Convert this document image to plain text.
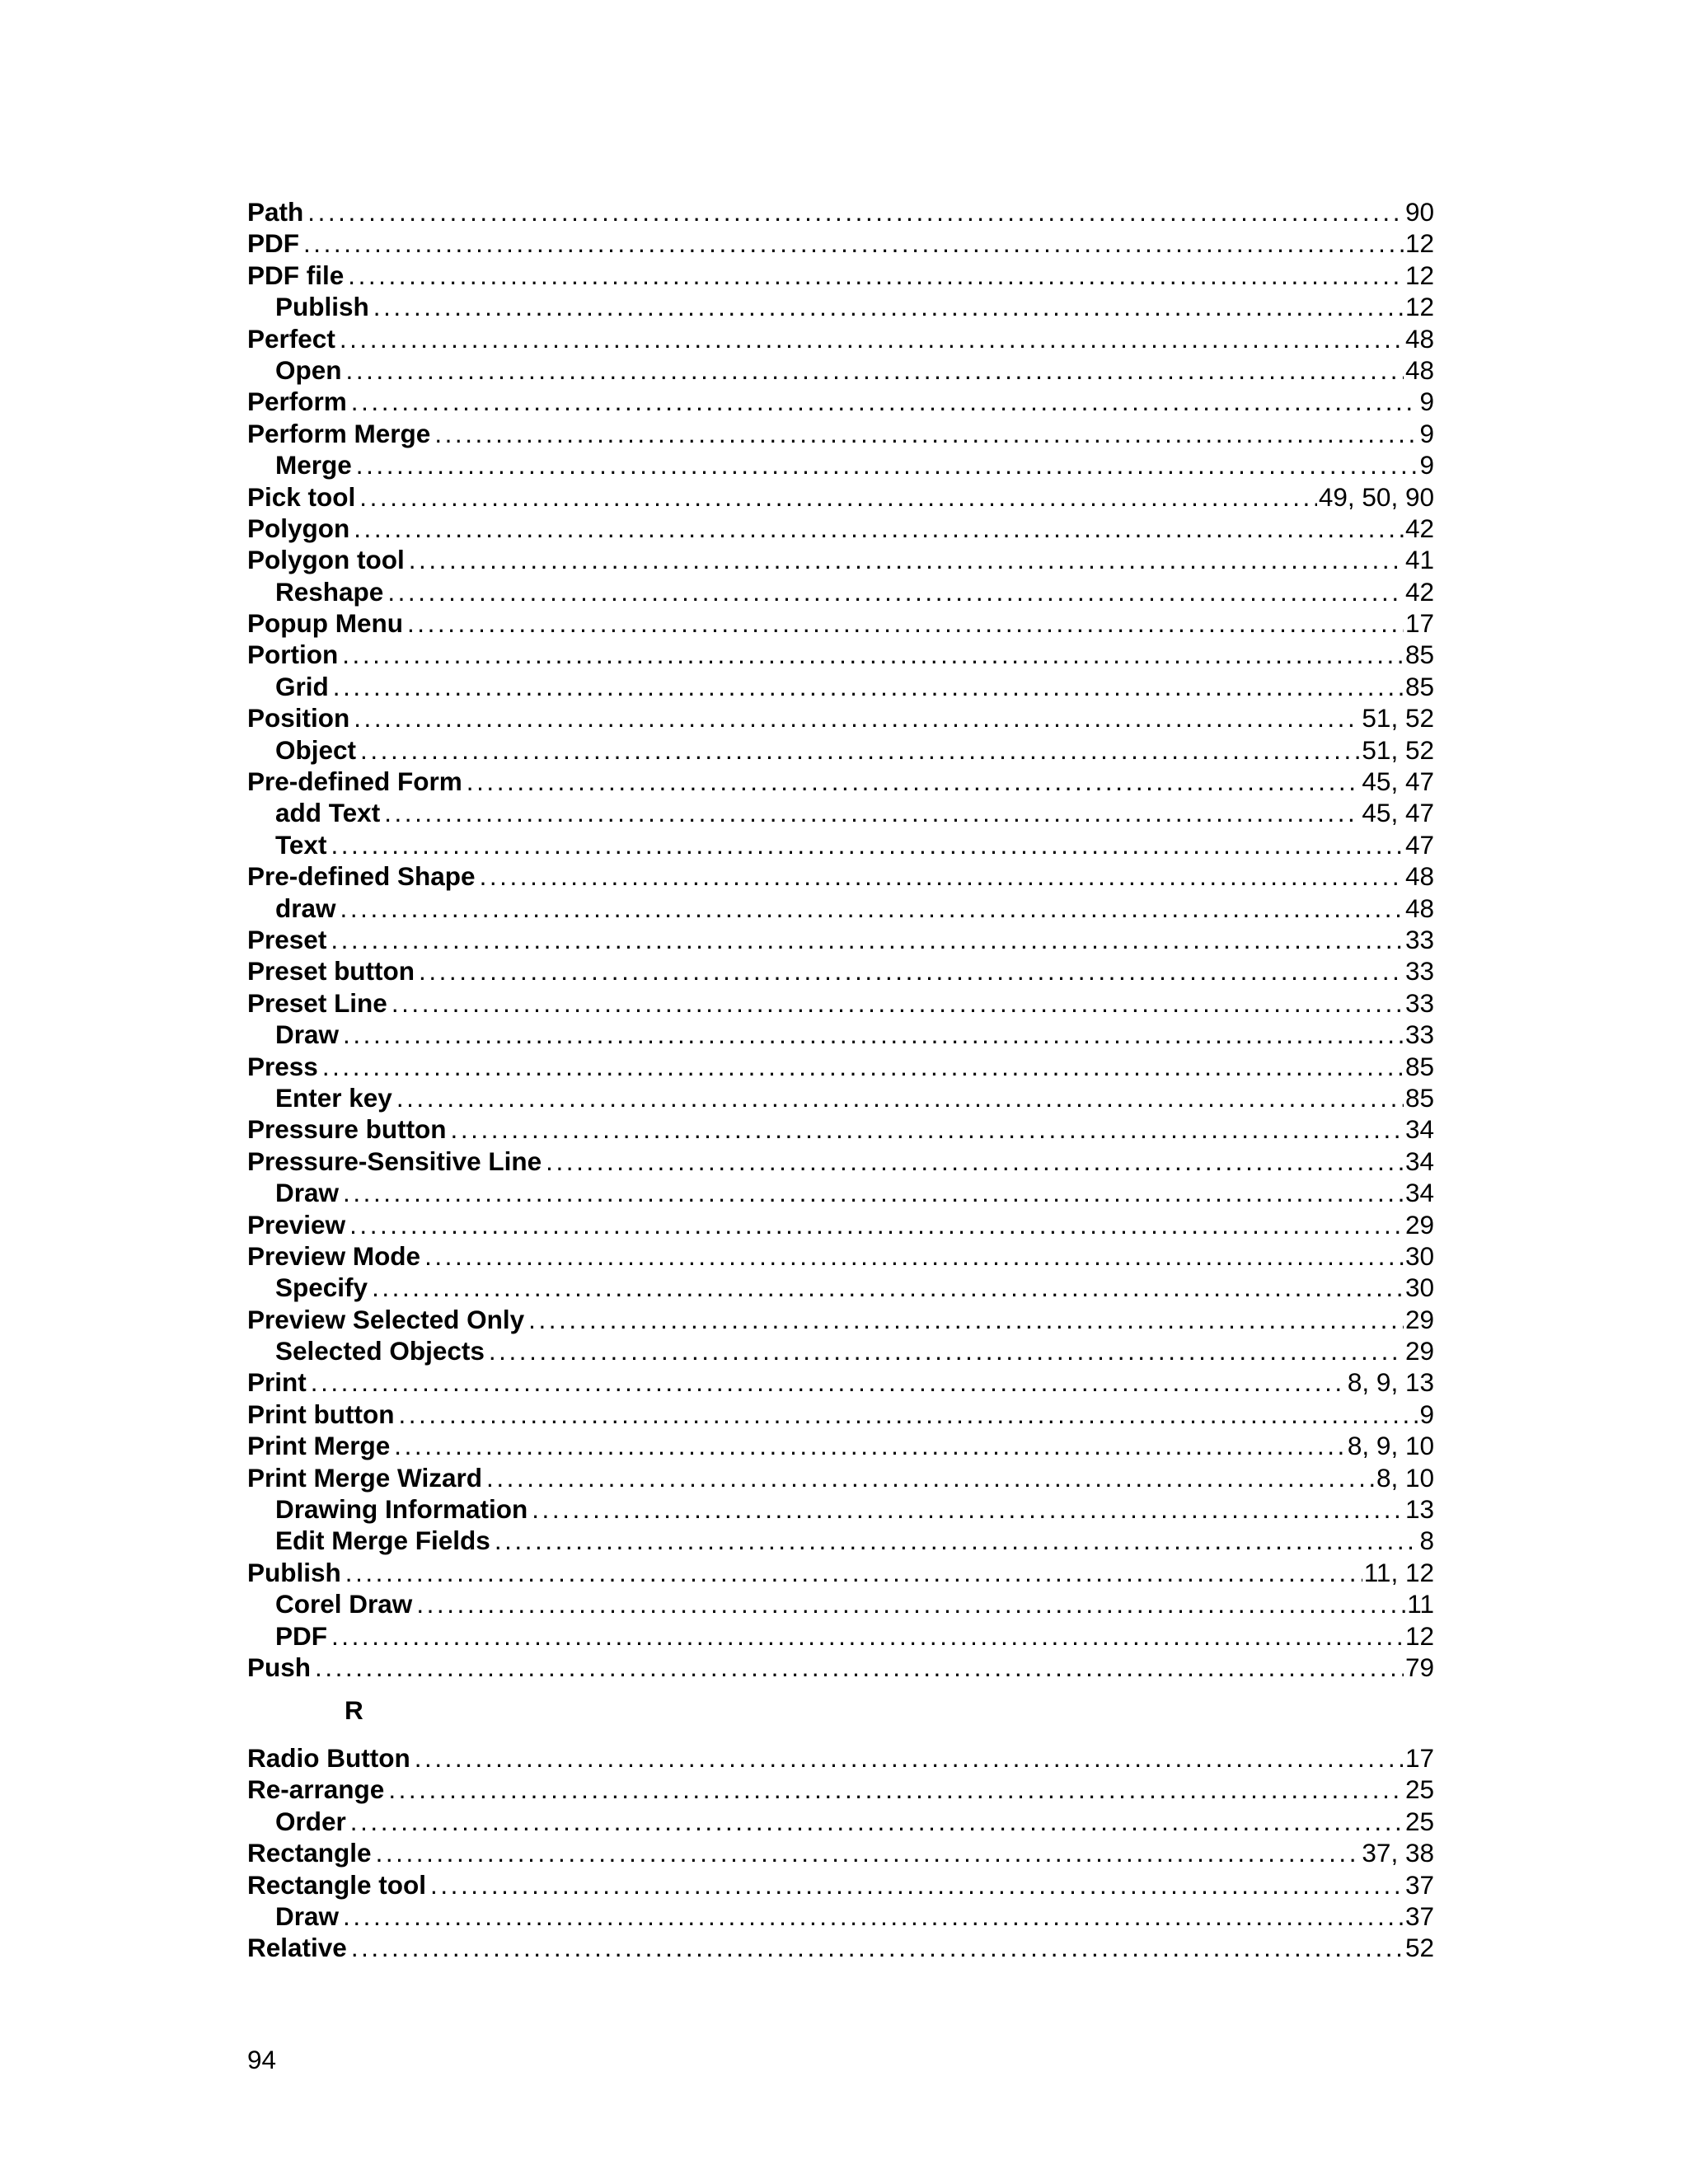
Path . . .	90
PDF . . .	12
PDF file . . .	12
Publish . . .	12
Perfect . . .	48
Open . . .	48
Perform . . .	9
Perform Merge . . .	9
Merge . . .	9
Pick tool . . .	49, 50, 90
Polygon . . .	42
Polygon tool . . .	41
Reshape . . .	42
Popup Menu . . .	17
Portion . . .	85
Grid . . .	85
Position . . .	51, 52
Object . . .	51, 52
Pre-defined Form . . .	45, 47
add Text . . .	45, 47
Text . . .	47
Pre-defined Shape . . .	48
draw . . .	48
Preset . . .	33
Preset button . . .	33
Preset Line . . .	33
Draw . . .	33
Press . . .	85
Enter key . . .	85
Pressure button . . .	34
Pressure-Sensitive Line . . .	34
Draw . . .	34
Preview . . .	29
Preview Mode . . .	30
Specify . . .	30
Preview Selected Only . . .	29
Selected Objects . . .	29
Print . . .	8, 9, 13
Print button . . .	9
Print Merge . . .	8, 9, 10
Print Merge Wizard . . .	8, 10
Drawing Information . . .	13
Edit Merge Fields . . .	8
Publish . . .	11, 12
Corel Draw . . .	11
PDF . . .	12
Push . . .	79
R
Radio Button . . .	17
Re-arrange . . .	25
Order . . .	25
Rectangle . . .	37, 38
Rectangle tool . . .	37
Draw . . .	37
Relative . . .	52
94
